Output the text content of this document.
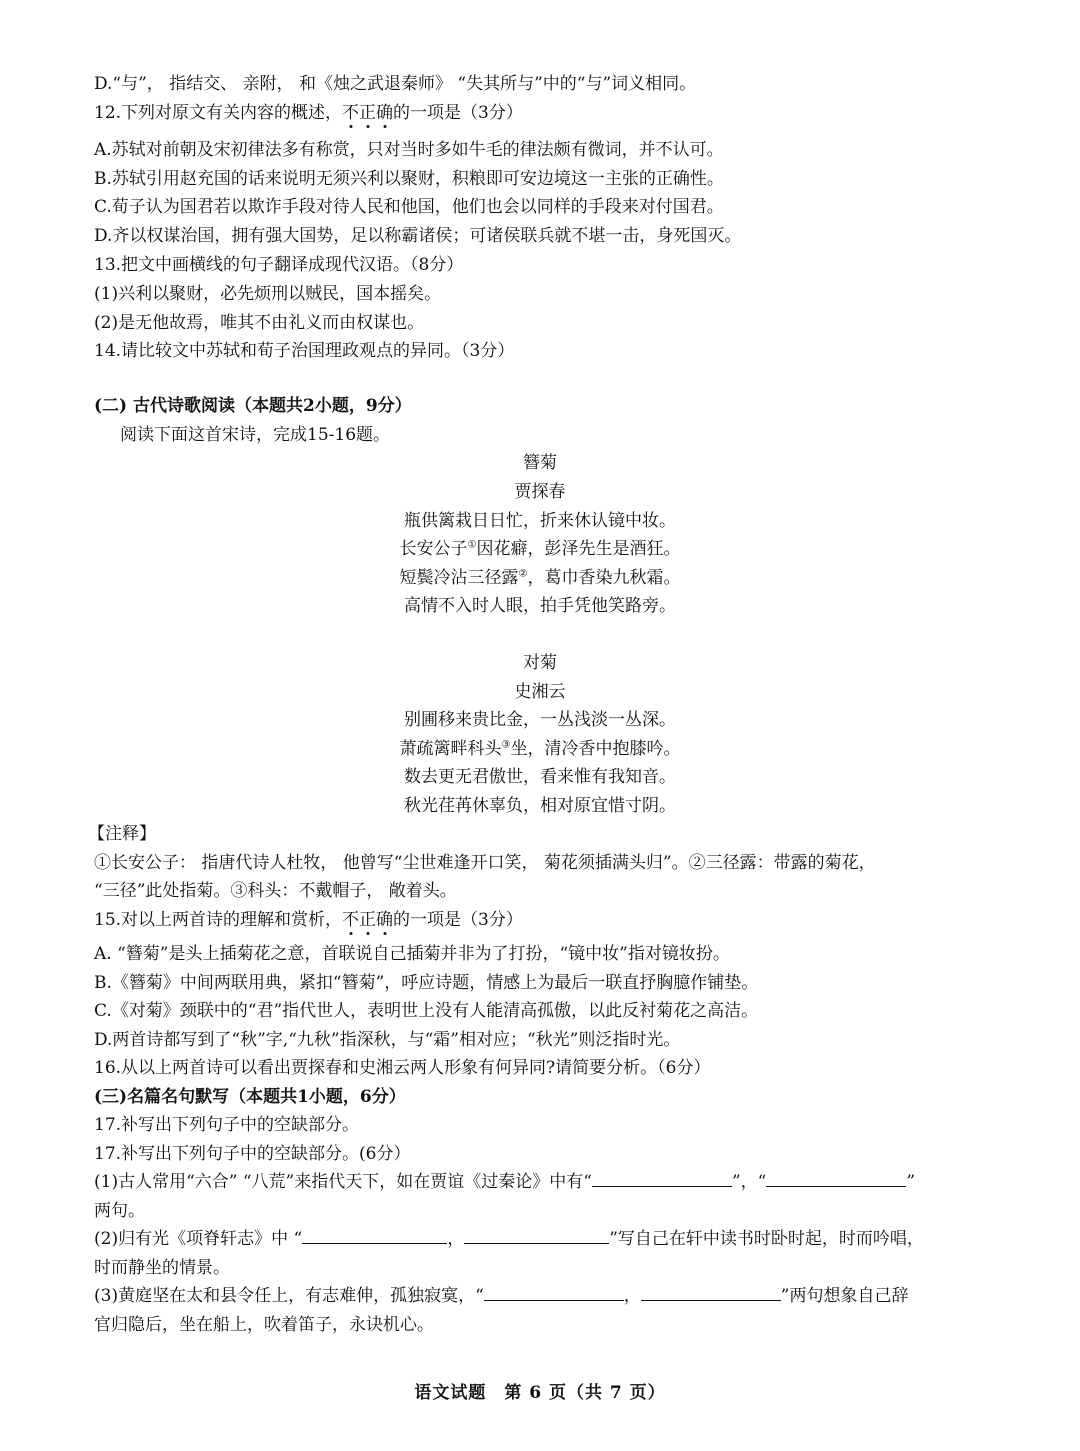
D.“与”， 指结交、 亲附， 和《烛之武退秦师》 “失其所与”中的“与”词义相同。
12.下列对原文有关内容的概述，不正确的一项是（3分）
A.苏轼对前朝及宋初律法多有称赏，只对当时多如牛毛的律法颇有微词，并不认可。
B.苏轼引用赵充国的话来说明无须兴利以聚财，积粮即可安边境这一主张的正确性。
C.荀子认为国君若以欺诈手段对待人民和他国，他们也会以同样的手段来对付国君。
D.齐以权谋治国，拥有强大国势，足以称霸诸侯；可诸侯联兵就不堪一击，身死国灭。
13.把文中画横线的句子翻译成现代汉语。（8分）
(1)兴利以聚财，必先烦刑以贼民，国本摇矣。
(2)是无他故焉，唯其不由礼义而由权谋也。
14.请比较文中苏轼和荀子治国理政观点的异同。（3分）
(二) 古代诗歌阅读（本题共2小题，9分）
阅读下面这首宋诗，完成15-16题。
簪菊
贾探春
瓶供篱栽日日忙，折来休认镜中妆。
长安公子①因花癖，彭泽先生是酒狂。
短鬓冷沾三径露②，葛巾香染九秋霜。
高情不入时人眼，拍手凭他笑路旁。
对菊
史湘云
别圃移来贵比金，一丛浅淡一丛深。
萧疏篱畔科头③坐，清冷香中抱膝吟。
数去更无君傲世，看来惟有我知音。
秋光荏苒休辜负，相对原宜惜寸阴。
【注释】
①长安公子： 指唐代诗人杜牧， 他曾写“尘世难逢开口笑， 菊花须插满头归”。②三径露：带露的菊花，
“三径”此处指菊。③科头：不戴帽子， 敞着头。
15.对以上两首诗的理解和赏析，不正确的一项是（3分）
A. “簪菊”是头上插菊花之意，首联说自己插菊并非为了打扮，“镜中妆”指对镜妆扮。
B.《簪菊》中间两联用典，紧扣“簪菊”，呼应诗题，情感上为最后一联直抒胸臆作铺垫。
C.《对菊》颈联中的“君”指代世人，表明世上没有人能清高孤傲，以此反衬菊花之高洁。
D.两首诗都写到了“秋”字,“九秋”指深秋，与“霜”相对应；“秋光”则泛指时光。
16.从以上两首诗可以看出贾探春和史湘云两人形象有何异同?请简要分析。（6分）
(三)名篇名句默写（本题共1小题，6分）
17.补写出下列句子中的空缺部分。
17.补写出下列句子中的空缺部分。(6分）
(1)古人常用“六合” “八荒”来指代天下，如在贾谊《过秦论》中有“	”，“	”
两句。
(2)归有光《项脊轩志》中 “	，	”写自己在轩中读书时卧时起，时而吟唱，
时而静坐的情景。
(3)黄庭坚在太和县令任上，有志难伸，孤独寂寞，“	，	”两句想象自己辞
官归隐后，坐在船上，吹着笛子，永诀机心。
语文试题　第 6 页（共 7 页）
